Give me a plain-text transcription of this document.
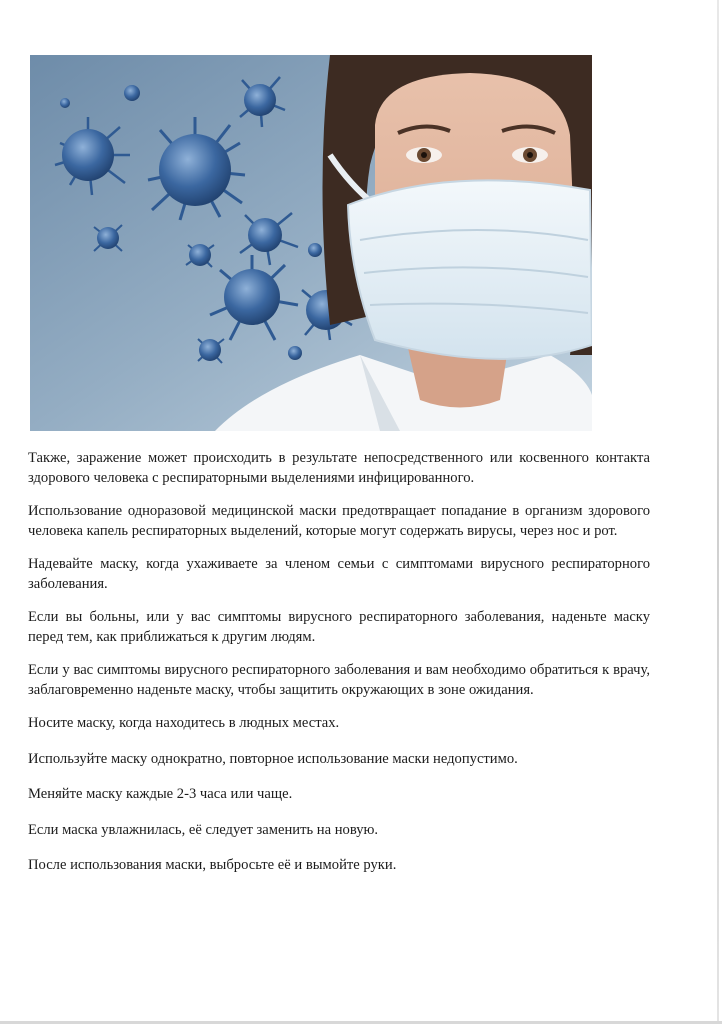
Также, заражение может происходить в результате непосредственного или косвенного контакта здорового человека с респираторными выделениями инфицированного.

Использование одноразовой медицинской маски предотвращает попадание в организм здорового человека капель респираторных выделений, которые могут содержать вирусы, через нос и рот.

Надевайте маску, когда ухаживаете за членом семьи с симптомами вирусного респираторного заболевания.

Если вы больны, или у вас симптомы вирусного респираторного заболевания, наденьте маску перед тем, как приближаться к другим людям.

Если у вас симптомы вирусного респираторного заболевания и вам необходимо обратиться к врачу, заблаговременно наденьте маску, чтобы защитить окружающих в зоне ожидания.

Носите маску, когда находитесь в людных местах.

Используйте маску однократно, повторное использование маски недопустимо.

Меняйте маску каждые 2-3 часа или чаще.

Если маска увлажнилась, её следует заменить на новую.

После использования маски, выбросьте её и вымойте руки.
